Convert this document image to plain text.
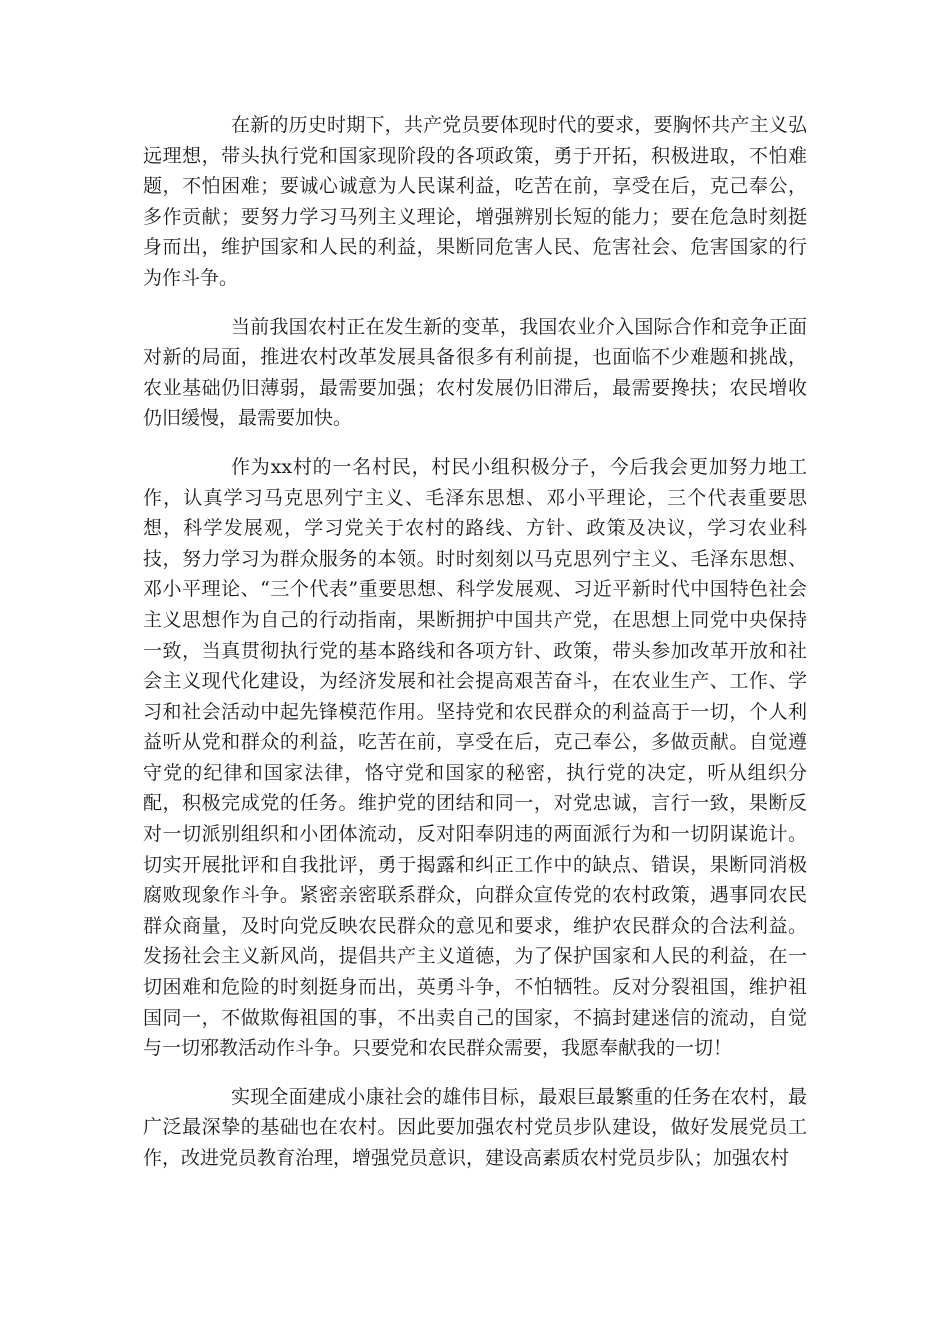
在新的历史时期下，共产党员要体现时代的要求，要胸怀共产主义弘远理想，带头执行党和国家现阶段的各项政策，勇于开拓，积极进取，不怕难题，不怕困难；要诚心诚意为人民谋利益，吃苦在前，享受在后，克己奉公，多作贡献；要努力学习马列主义理论，增强辨别长短的能力；要在危急时刻挺身而出，维护国家和人民的利益，果断同危害人民、危害社会、危害国家的行为作斗争。

当前我国农村正在发生新的变革，我国农业介入国际合作和竞争正面对新的局面，推进农村改革发展具备很多有利前提，也面临不少难题和挑战，农业基础仍旧薄弱，最需要加强；农村发展仍旧滞后，最需要搀扶；农民增收仍旧缓慢，最需要加快。

作为xx村的一名村民，村民小组积极分子，今后我会更加努力地工作，认真学习马克思列宁主义、毛泽东思想、邓小平理论，三个代表重要思想，科学发展观，学习党关于农村的路线、方针、政策及决议，学习农业科技，努力学习为群众服务的本领。时时刻刻以马克思列宁主义、毛泽东思想、邓小平理论、“三个代表”重要思想、科学发展观、习近平新时代中国特色社会主义思想作为自己的行动指南，果断拥护中国共产党，在思想上同党中央保持一致，当真贯彻执行党的基本路线和各项方针、政策，带头参加改革开放和社会主义现代化建设，为经济发展和社会提高艰苦奋斗，在农业生产、工作、学习和社会活动中起先锋模范作用。坚持党和农民群众的利益高于一切，个人利益听从党和群众的利益，吃苦在前，享受在后，克己奉公，多做贡献。自觉遵守党的纪律和国家法律，恪守党和国家的秘密，执行党的决定，听从组织分配，积极完成党的任务。维护党的团结和同一，对党忠诚，言行一致，果断反对一切派别组织和小团体流动，反对阳奉阴违的两面派行为和一切阴谋诡计。切实开展批评和自我批评，勇于揭露和纠正工作中的缺点、错误，果断同消极腐败现象作斗争。紧密亲密联系群众，向群众宣传党的农村政策，遇事同农民群众商量，及时向党反映农民群众的意见和要求，维护农民群众的合法利益。发扬社会主义新风尚，提倡共产主义道德，为了保护国家和人民的利益，在一切困难和危险的时刻挺身而出，英勇斗争，不怕牺牲。反对分裂祖国，维护祖国同一，不做欺侮祖国的事，不出卖自己的国家，不搞封建迷信的流动，自觉与一切邪教活动作斗争。只要党和农民群众需要，我愿奉献我的一切！

实现全面建成小康社会的雄伟目标，最艰巨最繁重的任务在农村，最广泛最深挚的基础也在农村。因此要加强农村党员步队建设，做好发展党员工作，改进党员教育治理，增强党员意识，建设高素质农村党员步队；加强农村
